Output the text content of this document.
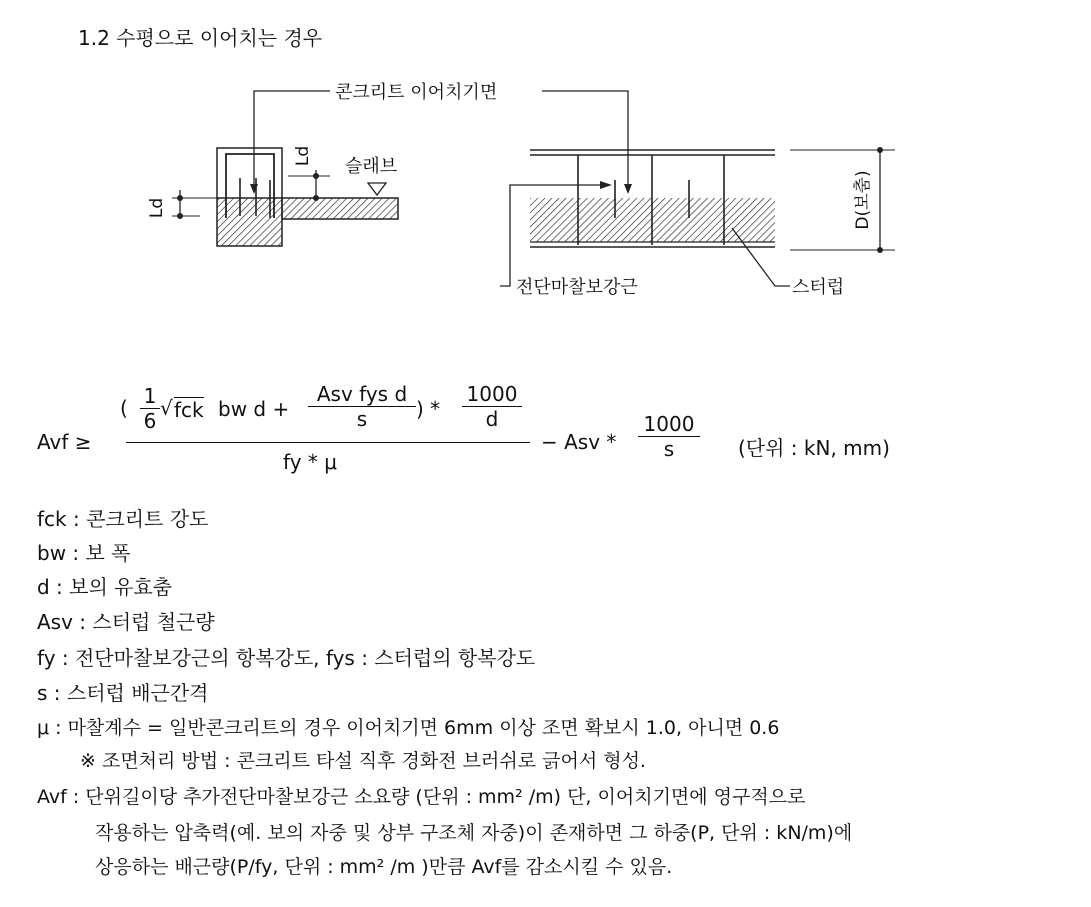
1.2 수평으로 이어치는 경우
콘크리트 이어치기면
슬래브
Ld
Ld
D(보춤)
전단마찰보강근	스터럽
Avf ≥
( 1
6
√ fck bw d +
Asv fys d
s	) *
1000
d
fy * μ
− Asv *
1000
s	(단위 : kN, mm)
fck : 콘크리트 강도
bw : 보 폭
d : 보의 유효춤
Asv : 스터럽 철근량
fy : 전단마찰보강근의 항복강도, fys : 스터럽의 항복강도
s : 스터럽 배근간격
μ : 마찰계수 = 일반콘크리트의 경우 이어치기면 6mm 이상 조면 확보시 1.0, 아니면 0.6
※ 조면처리 방법 : 콘크리트 타설 직후 경화전 브러쉬로 긁어서 형성.
Avf : 단위길이당 추가전단마찰보강근 소요량 (단위 : mm² /m) 단, 이어치기면에 영구적으로
작용하는 압축력(예. 보의 자중 및 상부 구조체 자중)이 존재하면 그 하중(P, 단위 : kN/m)에
상응하는 배근량(P/fy, 단위 : mm² /m )만큼 Avf를 감소시킬 수 있음.
